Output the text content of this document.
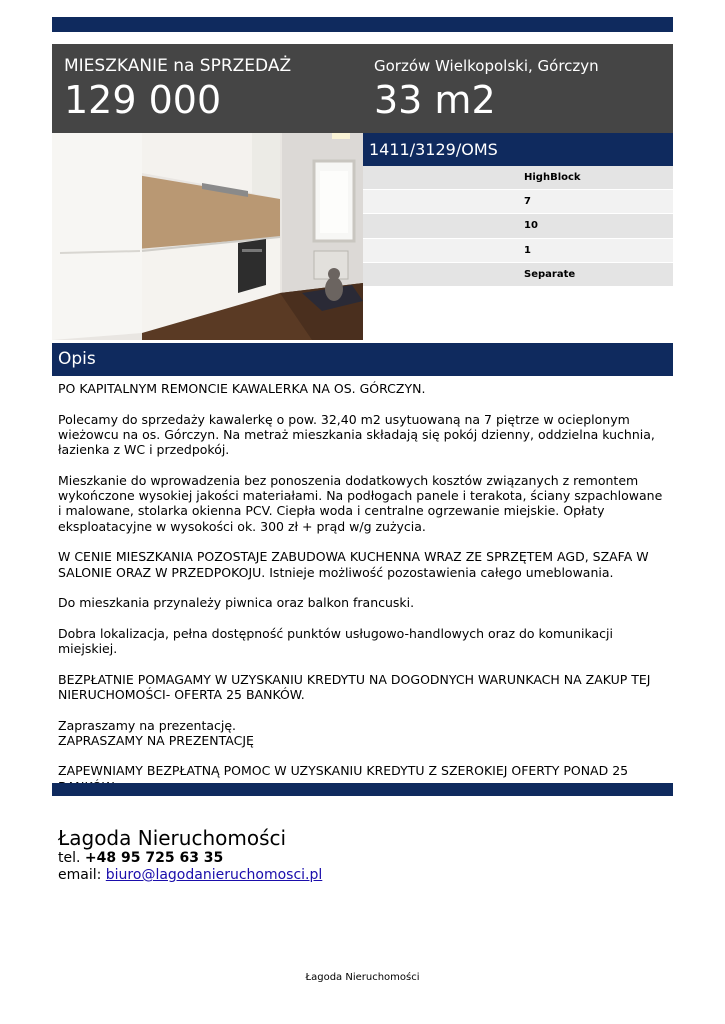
MIESZKANIE na SPRZEDAŻ
129 000
Gorzów Wielkopolski, Górczyn
33 m2
1411/3129/OMS
HighBlock
7
10
1
Separate
Opis

PO KAPITALNYM REMONCIE KAWALERKA NA OS. GÓRCZYN.

Polecamy do sprzedaży kawalerkę o pow. 32,40 m2 usytuowaną na 7 piętrze w ocieplonym wieżowcu na os. Górczyn. Na metraż mieszkania składają się pokój dzienny, oddzielna kuchnia, łazienka z WC i przedpokój.

Mieszkanie do wprowadzenia bez ponoszenia dodatkowych kosztów związanych z remontem wykończone wysokiej jakości materiałami. Na podłogach panele i terakota, ściany szpachlowane i malowane, stolarka okienna PCV. Ciepła woda i centralne ogrzewanie miejskie. Opłaty eksploatacyjne w wysokości ok. 300 zł + prąd w/g zużycia.

W CENIE MIESZKANIA POZOSTAJE ZABUDOWA KUCHENNA WRAZ ZE SPRZĘTEM AGD, SZAFA W SALONIE ORAZ W PRZEDPOKOJU. Istnieje możliwość pozostawienia całego umeblowania.

Do mieszkania przynależy piwnica oraz balkon francuski.

Dobra lokalizacja, pełna dostępność punktów usługowo-handlowych oraz do komunikacji miejskiej.

BEZPŁATNIE POMAGAMY W UZYSKANIU KREDYTU NA DOGODNYCH WARUNKACH NA ZAKUP TEJ NIERUCHOMOŚCI- OFERTA 25 BANKÓW.

Zapraszamy na prezentację.
ZAPRASZAMY NA PREZENTACJĘ

ZAPEWNIAMY BEZPŁATNĄ POMOC W UZYSKANIU KREDYTU Z SZEROKIEJ OFERTY PONAD 25

Łagoda Nieruchomości
tel. +48 95 725 63 35
email: biuro@lagodanieruchomosci.pl
Łagoda Nieruchomości
